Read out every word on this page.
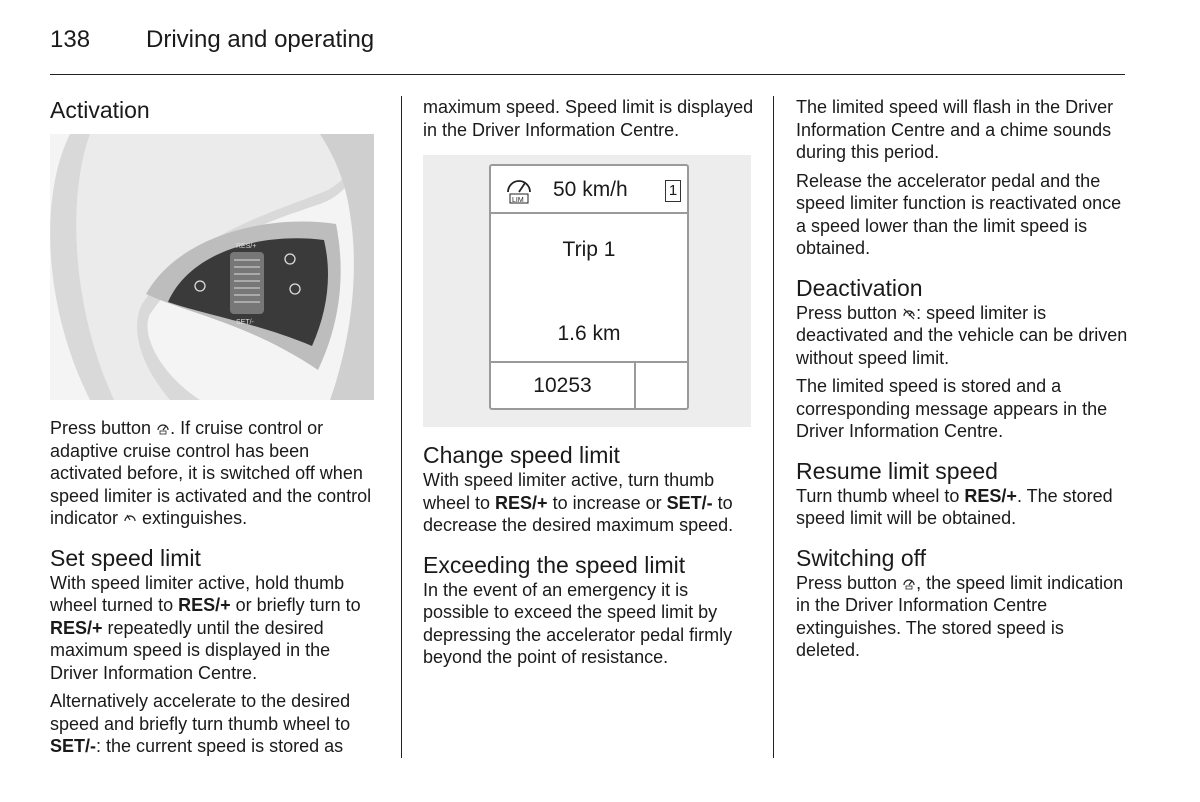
138 Driving and operating
Activation
RES/+
SET/-

Press button . If cruise control or adaptive cruise control has been activated before, it is switched off when speed limiter is activated and the control indicator  extinguishes.

Set speed limit

With speed limiter active, hold thumb wheel turned to RES/+ or briefly turn to RES/+ repeatedly until the desired maximum speed is displayed in the Driver Information Centre.

Alternatively accelerate to the desired speed and briefly turn thumb wheel to SET/-: the current speed is stored as

maximum speed. Speed limit is displayed in the Driver Information Centre.

LIM 50 km/h	1
Trip 1
1.6 km
10253
Change speed limit

With speed limiter active, turn thumb wheel to RES/+ to increase or SET/- to decrease the desired maximum speed.

Exceeding the speed limit

In the event of an emergency it is possible to exceed the speed limit by depressing the accelerator pedal firmly beyond the point of resistance.

The limited speed will flash in the Driver Information Centre and a chime sounds during this period.

Release the accelerator pedal and the speed limiter function is reactivated once a speed lower than the limit speed is obtained.

Deactivation

Press button : speed limiter is deactivated and the vehicle can be driven without speed limit.

The limited speed is stored and a corresponding message appears in the Driver Information Centre.

Resume limit speed

Turn thumb wheel to RES/+. The stored speed limit will be obtained.

Switching off

Press button , the speed limit indication in the Driver Information Centre extinguishes. The stored speed is deleted.
